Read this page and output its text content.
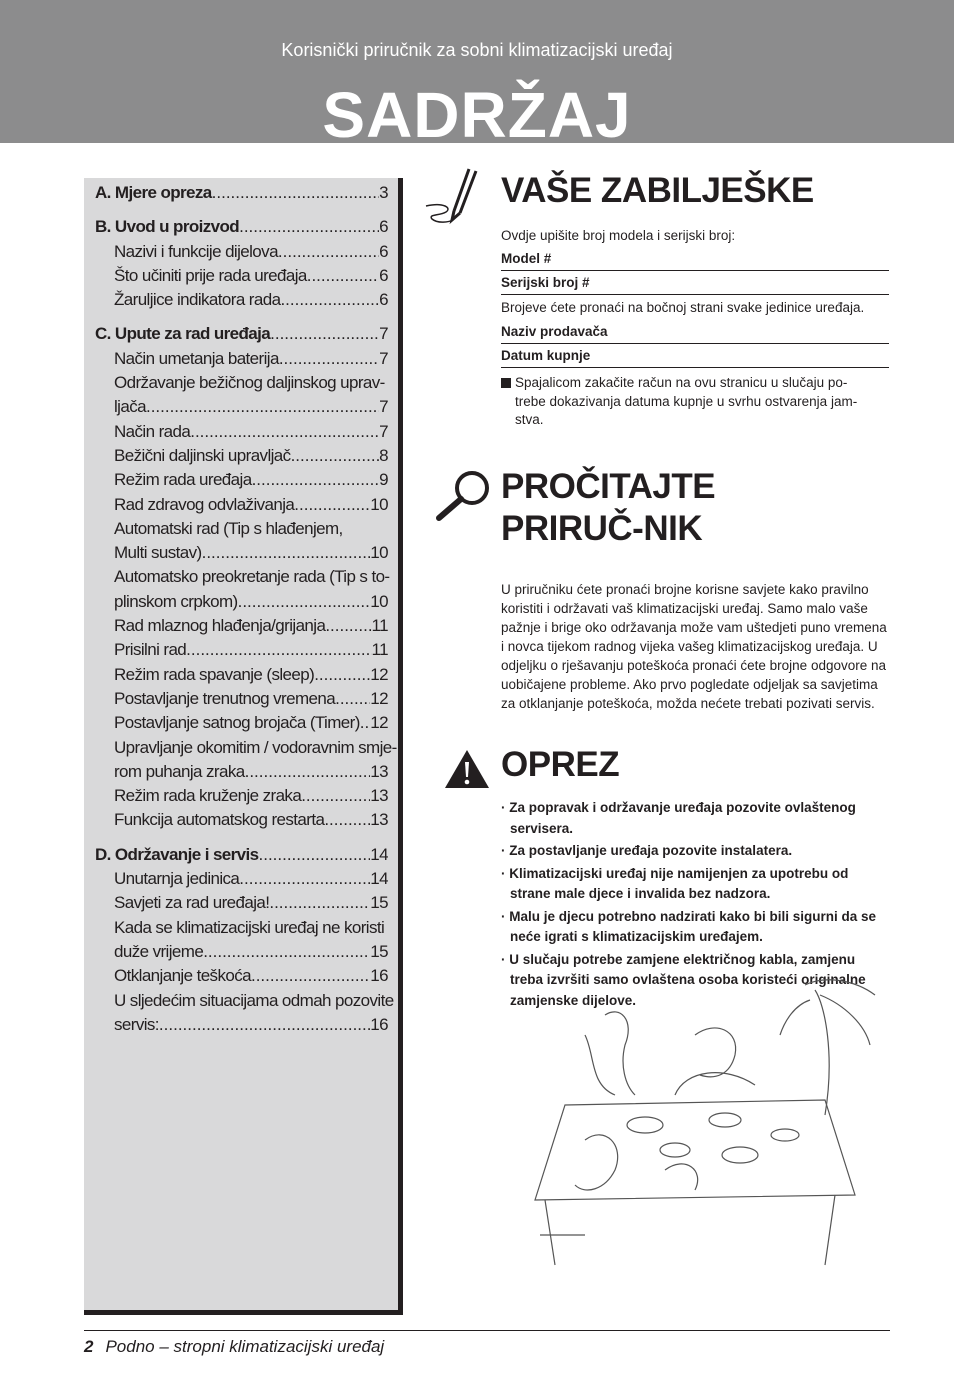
Korisnički priručnik za sobni klimatizacijski uređaj
SADRŽAJ
A. Mjere opreza .....	3
B. Uvod u proizvod .....	6
Nazivi i funkcije dijelova .....	6
Što učiniti prije rada uređaja .....	6
Žaruljice indikatora rada .....	6
C. Upute za rad uređaja .....	7
Način umetanja baterija .....	7
Održavanje bežičnog daljinskog uprav-
ljača .....	7
Način rada .....	7
Bežični daljinski upravljač .....	8
Režim rada uređaja .....	9
Rad zdravog odvlaživanja .....	10
Automatski rad (Tip s hlađenjem,
Multi sustav) .....	10
Automatsko preokretanje rada (Tip s to-
plinskom crpkom) .....	10
Rad mlaznog hlađenja/grijanja .....	11
Prisilni rad .....	11
Režim rada spavanje (sleep) .....	12
Postavljanje trenutnog vremena ..... 12
Postavljanje satnog brojača (Timer) ..... 12
Upravljanje okomitim / vodoravnim smje-
rom puhanja zraka .....	13
Režim rada kruženje zraka .....	13
Funkcija automatskog restarta .....	13
D. Održavanje i servis .....	14
Unutarnja jedinica .....	14
Savjeti za rad uređaja! .....	15
Kada se klimatizacijski uređaj ne koristi
duže vrijeme .....	15
Otklanjanje teškoća .....	16
U sljedećim situacijama odmah pozovite
servis: .....	16
VAŠE ZABILJEŠKE
Ovdje upišite broj modela i serijski broj:
Model #
Serijski broj #
Brojeve ćete pronaći na bočnoj strani svake jedinice uređaja.
Naziv prodavača
Datum kupnje
Spajalicom zakačite račun na ovu stranicu u slučaju po-trebe dokazivanja datuma kupnje u svrhu ostvarenja jam-stva.
PROČITAJTE PRIRUČ-NIK
U priručniku ćete pronaći brojne korisne savjete kako pravilno koristiti i održavati vaš klimatizacijski uređaj. Samo malo vaše pažnje i brige oko održavanja može vam uštedjeti puno vremena i novca tijekom radnog vijeka vašeg klimatizacijskog uređaja. U odjeljku o rješavanju poteškoća pronaći ćete brojne odgovore na uobičajene probleme. Ako prvo pogledate odjeljak sa savjetima za otklanjanje poteškoća, možda nećete trebati pozivati servis.
OPREZ
· Za popravak i održavanje uređaja pozovite ovlaštenog servisera.
· Za postavljanje uređaja pozovite instalatera.
· Klimatizacijski uređaj nije namijenjen za upotrebu od strane male djece i invalida bez nadzora.
· Malu je djecu potrebno nadzirati kako bi bili sigurni da se neće igrati s klimatizacijskim uređajem.
· U slučaju potrebe zamjene električnog kabla, zamjenu treba izvršiti samo ovlaštena osoba koristeći originalne zamjenske dijelove.
2 Podno – stropni klimatizacijski uređaj
